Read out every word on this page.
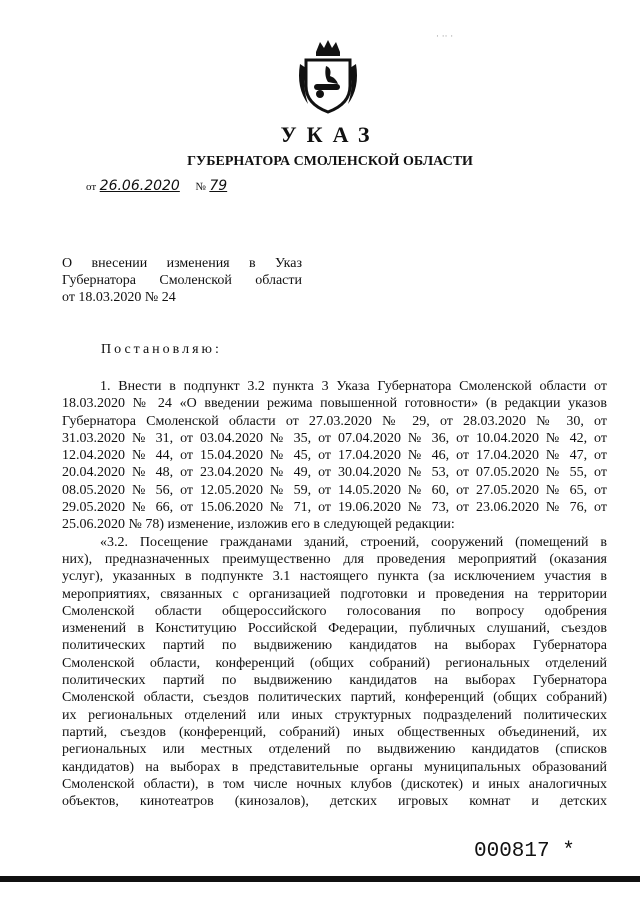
· ·· ·
УКАЗ
ГУБЕРНАТОРА СМОЛЕНСКОЙ ОБЛАСТИ
от 26.06.2020 № 79
О внесении изменения в Указ
Губернатора Смоленской области
от 18.03.2020 № 24
Постановляю:
1. Внести в подпункт 3.2 пункта 3 Указа Губернатора Смоленской области от
18.03.2020 № 24 «О введении режима повышенной готовности» (в редакции указов
Губернатора Смоленской области от 27.03.2020 № 29, от 28.03.2020 № 30, от
31.03.2020 № 31, от 03.04.2020 № 35, от 07.04.2020 № 36, от 10.04.2020 № 42, от
12.04.2020 № 44, от 15.04.2020 № 45, от 17.04.2020 № 46, от 17.04.2020 № 47, от
20.04.2020 № 48, от 23.04.2020 № 49, от 30.04.2020 № 53, от 07.05.2020 № 55, от
08.05.2020 № 56, от 12.05.2020 № 59, от 14.05.2020 № 60, от 27.05.2020 № 65, от
29.05.2020 № 66, от 15.06.2020 № 71, от 19.06.2020 № 73, от 23.06.2020 № 76, от
25.06.2020 № 78) изменение, изложив его в следующей редакции:
«3.2. Посещение гражданами зданий, строений, сооружений (помещений в
них), предназначенных преимущественно для проведения мероприятий (оказания
услуг), указанных в подпункте 3.1 настоящего пункта (за исключением участия в
мероприятиях, связанных с организацией подготовки и проведения на территории
Смоленской области общероссийского голосования по вопросу одобрения
изменений в Конституцию Российской Федерации, публичных слушаний, съездов
политических партий по выдвижению кандидатов на выборах Губернатора
Смоленской области, конференций (общих собраний) региональных отделений
политических партий по выдвижению кандидатов на выборах Губернатора
Смоленской области, съездов политических партий, конференций (общих собраний)
их региональных отделений или иных структурных подразделений политических
партий, съездов (конференций, собраний) иных общественных объединений, их
региональных или местных отделений по выдвижению кандидатов (списков
кандидатов) на выборах в представительные органы муниципальных образований
Смоленской области), в том числе ночных клубов (дискотек) и иных аналогичных
объектов, кинотеатров (кинозалов), детских игровых комнат и детских
000817 *
